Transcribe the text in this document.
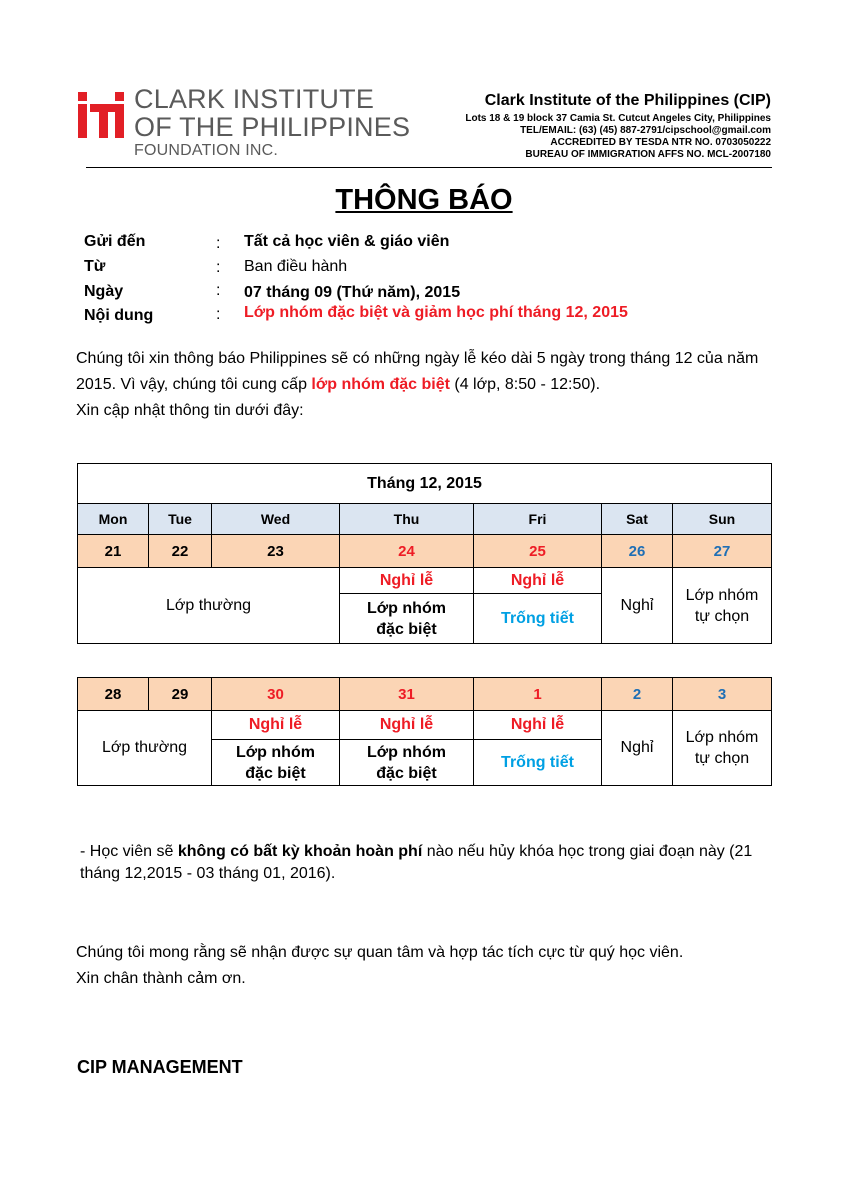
CLARK INSTITUTE
OF THE PHILIPPINES
FOUNDATION INC.
Clark Institute of the Philippines (CIP)
Lots 18 & 19 block 37 Camia St. Cutcut Angeles City, Philippines
TEL/EMAIL: (63) (45) 887-2791/cipschool@gmail.com
ACCREDITED BY TESDA NTR NO. 0703050222
BUREAU OF IMMIGRATION AFFS NO. MCL-2007180
THÔNG BÁO
Gửi đến	: Tất cả học viên & giáo viên
Từ	: Ban điều hành
Ngày	: 07 tháng 09 (Thứ năm), 2015
Nội dung	: Lớp nhóm đặc biệt và giảm học phí tháng 12, 2015
Chúng tôi xin thông báo Philippines sẽ có những ngày lễ kéo dài 5 ngày trong tháng 12 của năm 2015. Vì vậy, chúng tôi cung cấp lớp nhóm đặc biệt (4 lớp, 8:50 - 12:50).
Xin cập nhật thông tin dưới đây:
Tháng 12, 2015						
Mon	Tue	Wed	Thu	Fri	Sat	Sun
21	22	23	24	25	26	27
Lớp thường			Nghỉ lễ	Nghỉ lễ	Nghỉ	Lớp nhóm tự chọn
			Lớp nhóm đặc biệt	Trống tiết		
28	29	30	31	1	2	3
Lớp thường		Nghỉ lễ	Nghỉ lễ	Nghỉ lễ	Nghỉ	Lớp nhóm tự chọn
		Lớp nhóm đặc biệt	Lớp nhóm đặc biệt	Trống tiết		
- Học viên sẽ không có bất kỳ khoản hoàn phí nào nếu hủy khóa học trong giai đoạn này (21 tháng 12,2015 - 03 tháng 01, 2016).
Chúng tôi mong rằng sẽ nhận được sự quan tâm và hợp tác tích cực từ quý học viên.
Xin chân thành cảm ơn.
CIP MANAGEMENT
